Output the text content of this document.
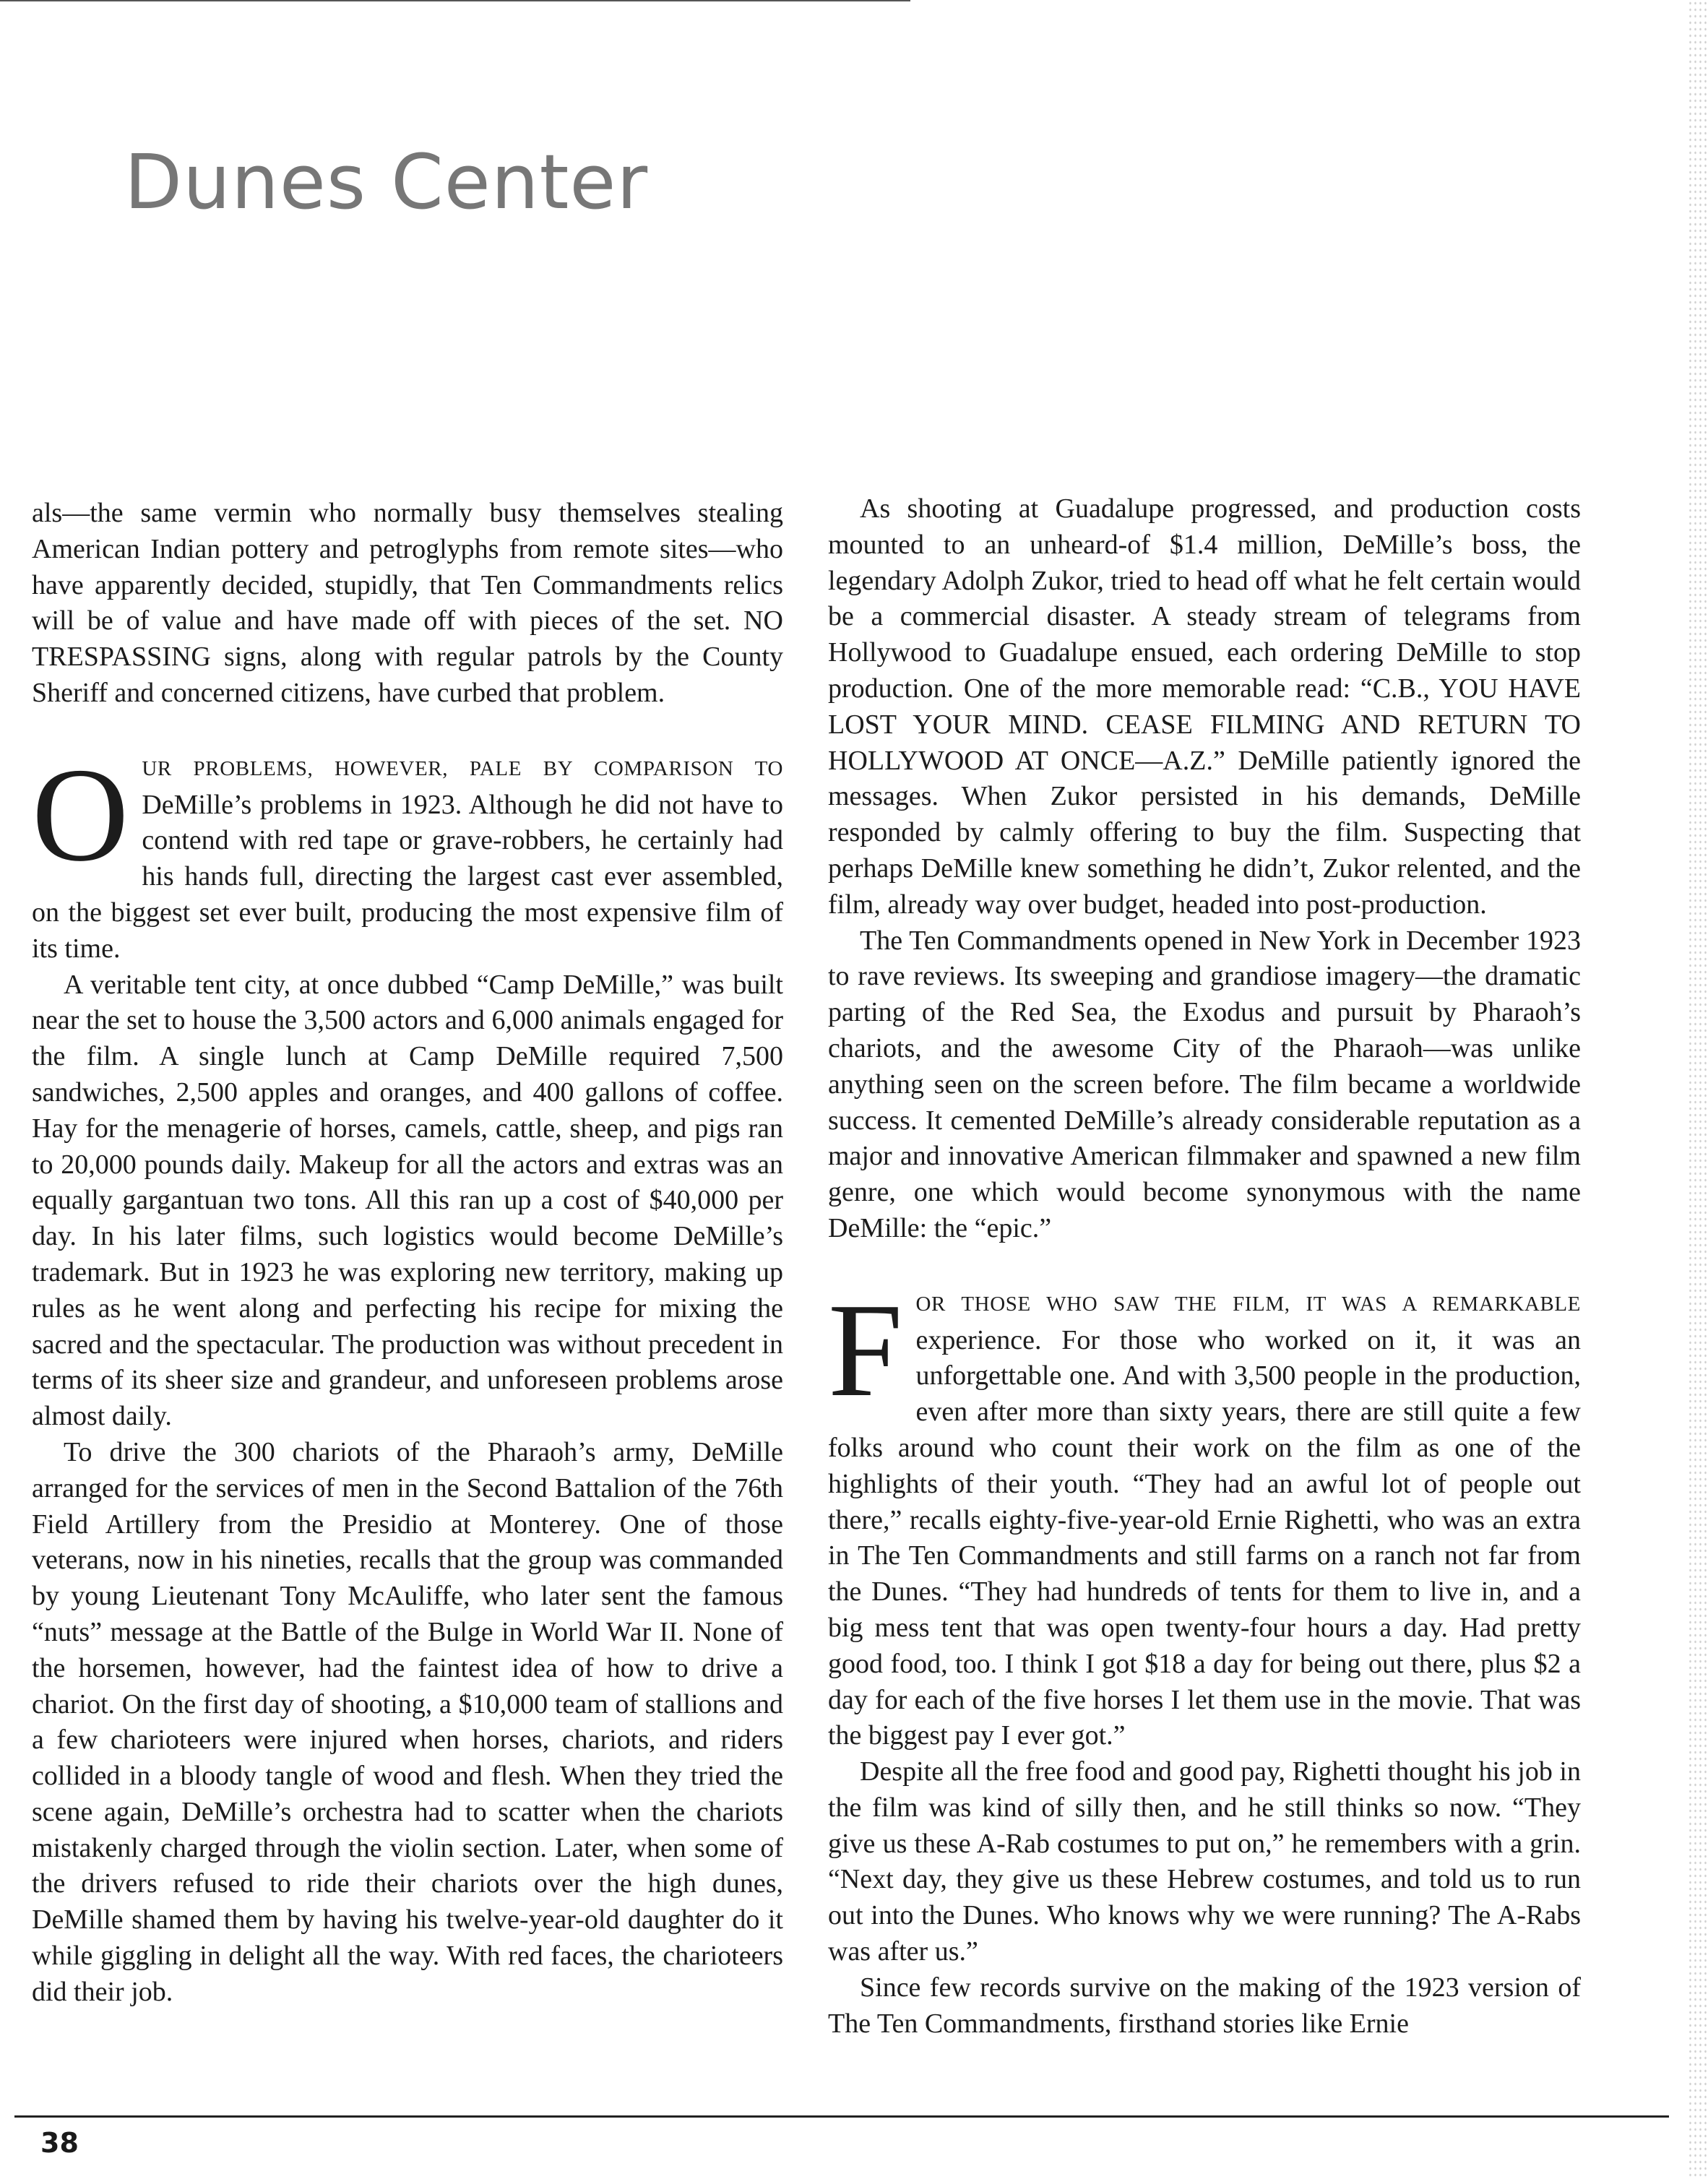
Dunes Center

als—the same vermin who normally busy themselves stealing American Indian pottery and petroglyphs from remote sites—who have apparently decided, stupidly, that Ten Commandments relics will be of value and have made off with pieces of the set. NO TRESPASSING signs, along with regular patrols by the County Sheriff and concerned citizens, have curbed that problem.

OUR PROBLEMS, HOWEVER, PALE BY COMPARISON TO DeMille’s problems in 1923. Although he did not have to contend with red tape or grave-robbers, he certainly had his hands full, directing the largest cast ever assembled, on the biggest set ever built, producing the most expensive film of its time.

A veritable tent city, at once dubbed “Camp DeMille,” was built near the set to house the 3,500 actors and 6,000 animals engaged for the film. A single lunch at Camp DeMille required 7,500 sandwiches, 2,500 apples and oranges, and 400 gallons of coffee. Hay for the menagerie of horses, camels, cattle, sheep, and pigs ran to 20,000 pounds daily. Makeup for all the actors and extras was an equally gargantuan two tons. All this ran up a cost of $40,000 per day. In his later films, such logistics would become DeMille’s trademark. But in 1923 he was exploring new territory, making up rules as he went along and perfecting his recipe for mixing the sacred and the spectacular. The production was without precedent in terms of its sheer size and grandeur, and unforeseen problems arose almost daily.

To drive the 300 chariots of the Pharaoh’s army, DeMille arranged for the services of men in the Second Battalion of the 76th Field Artillery from the Presidio at Monterey. One of those veterans, now in his nineties, recalls that the group was commanded by young Lieutenant Tony McAuliffe, who later sent the famous “nuts” message at the Battle of the Bulge in World War II. None of the horsemen, however, had the faintest idea of how to drive a chariot. On the first day of shooting, a $10,000 team of stallions and a few charioteers were injured when horses, chariots, and riders collided in a bloody tangle of wood and flesh. When they tried the scene again, DeMille’s orchestra had to scatter when the chariots mistakenly charged through the violin section. Later, when some of the drivers refused to ride their chariots over the high dunes, DeMille shamed them by having his twelve-year-old daughter do it while giggling in delight all the way. With red faces, the charioteers did their job.

As shooting at Guadalupe progressed, and production costs mounted to an unheard-of $1.4 million, DeMille’s boss, the legendary Adolph Zukor, tried to head off what he felt certain would be a commercial disaster. A steady stream of telegrams from Hollywood to Guadalupe ensued, each ordering DeMille to stop production. One of the more memorable read: “C.B., YOU HAVE LOST YOUR MIND. CEASE FILMING AND RETURN TO HOLLYWOOD AT ONCE—A.Z.” DeMille patiently ignored the messages. When Zukor persisted in his demands, DeMille responded by calmly offering to buy the film. Suspecting that perhaps DeMille knew something he didn’t, Zukor relented, and the film, already way over budget, headed into post-production.

The Ten Commandments opened in New York in December 1923 to rave reviews. Its sweeping and grandiose imagery—the dramatic parting of the Red Sea, the Exodus and pursuit by Pharaoh’s chariots, and the awesome City of the Pharaoh—was unlike anything seen on the screen before. The film became a worldwide success. It cemented DeMille’s already considerable reputation as a major and innovative American filmmaker and spawned a new film genre, one which would become synonymous with the name DeMille: the “epic.”

FOR THOSE WHO SAW THE FILM, IT WAS A REMARKABLE experience. For those who worked on it, it was an unforgettable one. And with 3,500 people in the production, even after more than sixty years, there are still quite a few folks around who count their work on the film as one of the highlights of their youth. “They had an awful lot of people out there,” recalls eighty-five-year-old Ernie Righetti, who was an extra in The Ten Commandments and still farms on a ranch not far from the Dunes. “They had hundreds of tents for them to live in, and a big mess tent that was open twenty-four hours a day. Had pretty good food, too. I think I got $18 a day for being out there, plus $2 a day for each of the five horses I let them use in the movie. That was the biggest pay I ever got.”

Despite all the free food and good pay, Righetti thought his job in the film was kind of silly then, and he still thinks so now. “They give us these A-Rab costumes to put on,” he remembers with a grin. “Next day, they give us these Hebrew costumes, and told us to run out into the Dunes. Who knows why we were running? The A-Rabs was after us.”

Since few records survive on the making of the 1923 version of The Ten Commandments, firsthand stories like Ernie

38
